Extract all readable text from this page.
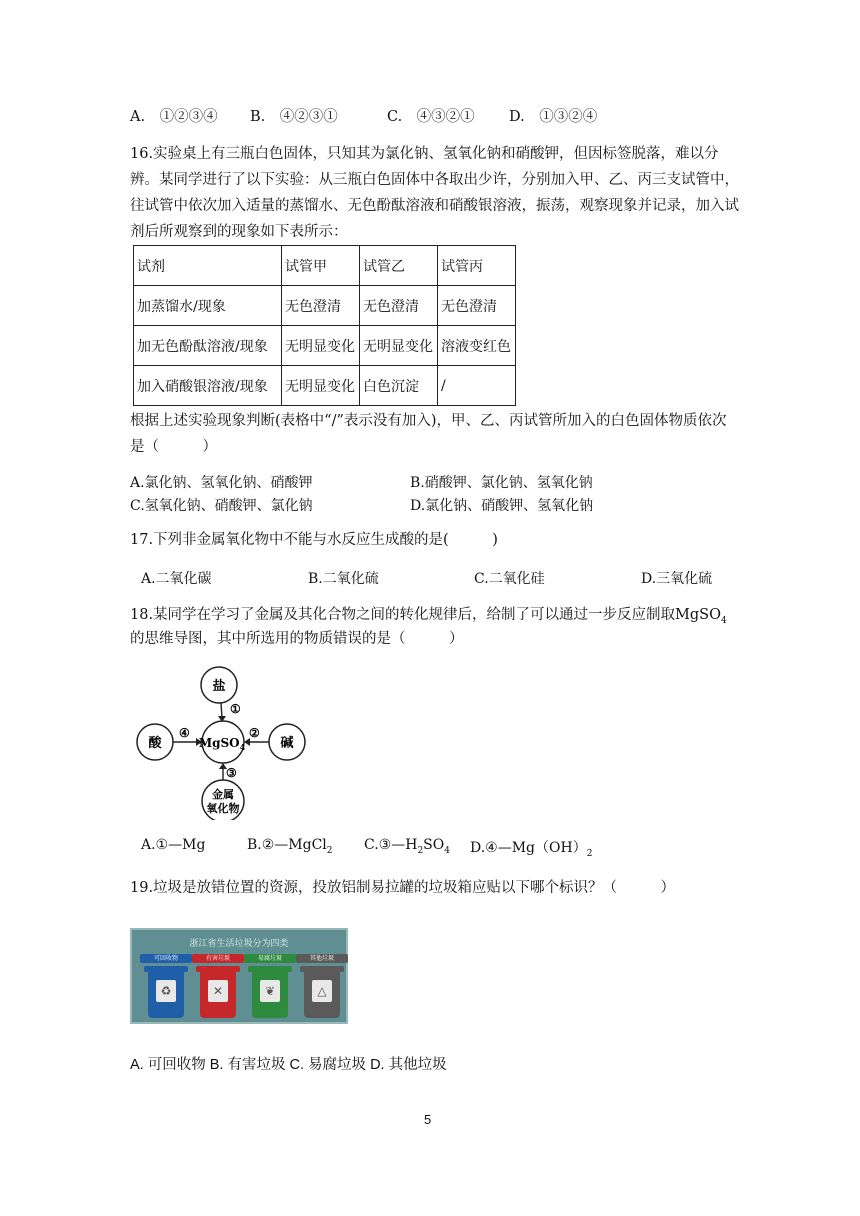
A.　①②③④ B.　④②③①	C.　④③②① D.　①③②④
16.实验桌上有三瓶白色固体，只知其为氯化钠、氢氧化钠和硝酸钾，但因标签脱落，难以分辨。某同学进行了以下实验：从三瓶白色固体中各取出少许，分别加入甲、乙、丙三支试管中，往试管中依次加入适量的蒸馏水、无色酚酞溶液和硝酸银溶液，振荡，观察现象并记录，加入试剂后所观察到的现象如下表所示：
试剂	试管甲	试管乙	试管丙
加蒸馏水/现象	无色澄清	无色澄清	无色澄清
加无色酚酞溶液/现象	无明显变化	无明显变化	溶液变红色
加入硝酸银溶液/现象	无明显变化	白色沉淀	/
根据上述实验现象判断(表格中“/”表示没有加入)，甲、乙、丙试管所加入的白色固体物质依次是（　　　）
A.氯化钠、氢氧化钠、硝酸钾	B.硝酸钾、氯化钠、氢氧化钠
C.氢氧化钠、硝酸钾、氯化钠	D.氯化钠、硝酸钾、氢氧化钠
17.下列非金属氧化物中不能与水反应生成酸的是(　　　)
A.二氧化碳	B.二氧化硫	C.二氧化硅	D.三氧化硫
18.某同学在学习了金属及其化合物之间的转化规律后，给制了可以通过一步反应制取MgSO$_4$
的思维导图，其中所选用的物质错误的是（　　　）
盐
MgSO$_4$
酸	碱
金属
氧化物
①
④	②
③
A.①—Mg	B.②—MgCl$_2$ $C.③—H_2SO_4$ $D.④—Mg(OH)_2$
19.垃圾是放错位置的资源，投放铝制易拉罐的垃圾箱应贴以下哪个标识？（　　　）
浙江省生活垃圾分为四类
可回收物
♻
有害垃圾
✕
易腐垃圾
❦
其他垃圾
△
A. 可回收物 B. 有害垃圾 C. 易腐垃圾 D. 其他垃圾
5
